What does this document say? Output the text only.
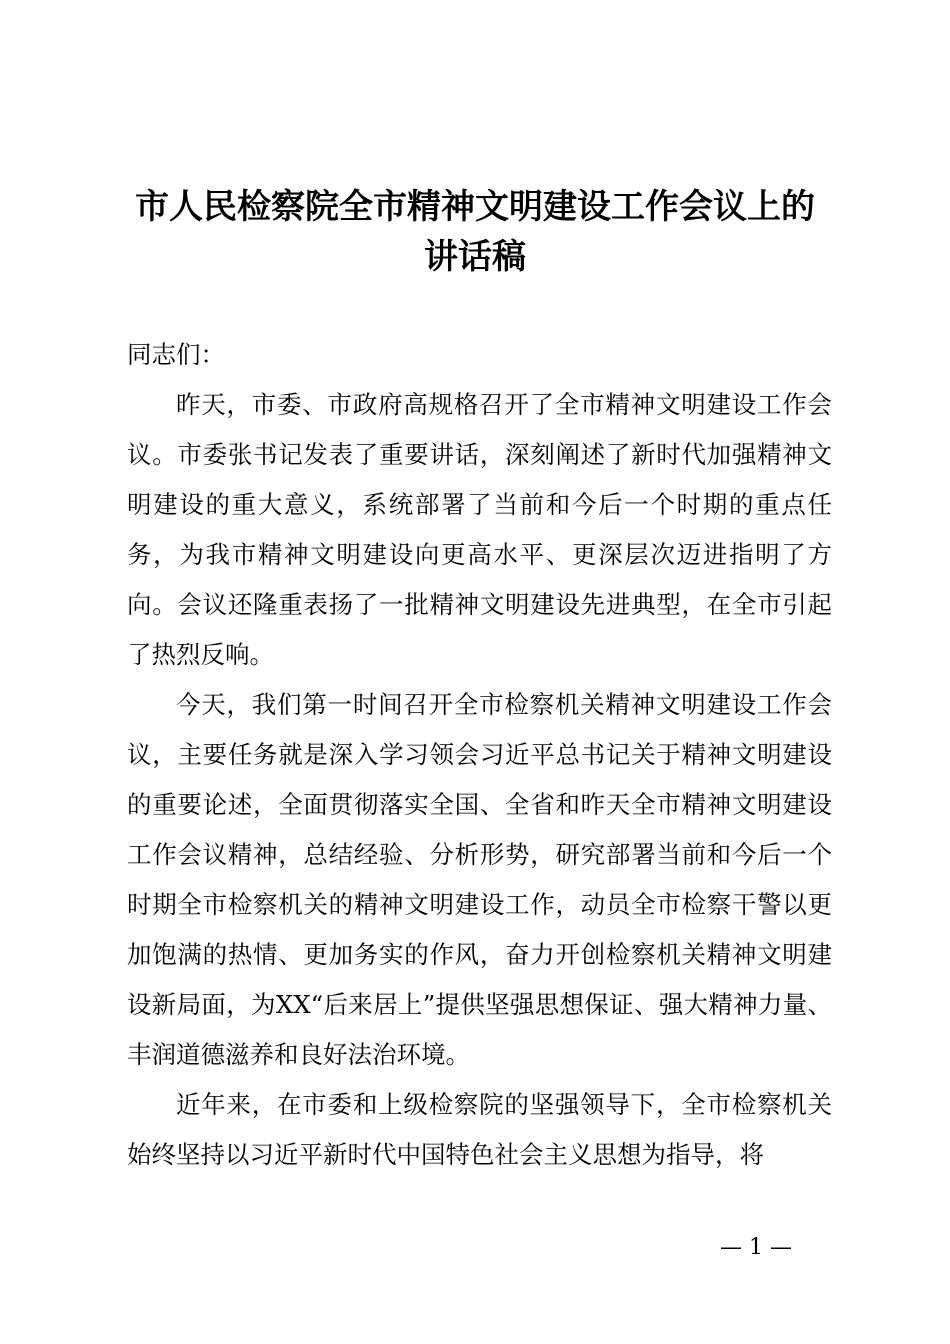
市人民检察院全市精神文明建设工作会议上的
讲话稿

同志们：

昨天，市委、市政府高规格召开了全市精神文明建设工作会议。市委张书记发表了重要讲话，深刻阐述了新时代加强精神文明建设的重大意义，系统部署了当前和今后一个时期的重点任务，为我市精神文明建设向更高水平、更深层次迈进指明了方向。会议还隆重表扬了一批精神文明建设先进典型，在全市引起了热烈反响。

今天，我们第一时间召开全市检察机关精神文明建设工作会议，主要任务就是深入学习领会习近平总书记关于精神文明建设的重要论述，全面贯彻落实全国、全省和昨天全市精神文明建设工作会议精神，总结经验、分析形势，研究部署当前和今后一个时期全市检察机关的精神文明建设工作，动员全市检察干警以更加饱满的热情、更加务实的作风，奋力开创检察机关精神文明建设新局面，为XX“后来居上”提供坚强思想保证、强大精神力量、丰润道德滋养和良好法治环境。

近年来，在市委和上级检察院的坚强领导下，全市检察机关始终坚持以习近平新时代中国特色社会主义思想为指导，将

— 1 —
